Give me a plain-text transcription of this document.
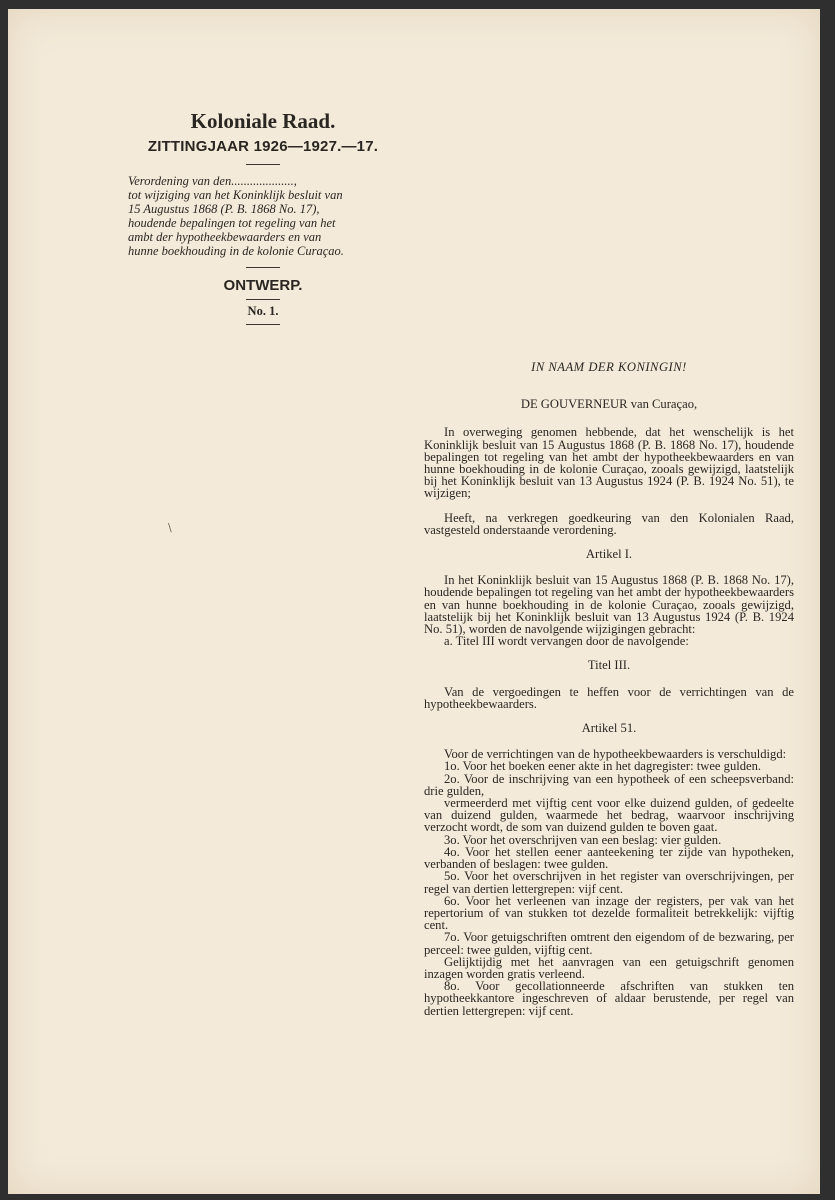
Koloniale Raad.
ZITTINGJAAR 1926—1927.—17.
Verordening van den....................,
tot wijziging van het Koninklijk besluit van
15 Augustus 1868 (P. B. 1868 No. 17),
houdende bepalingen tot regeling van het
ambt der hypotheekbewaarders en van
hunne boekhouding in de kolonie Curaçao.
ONTWERP.
No. 1.
\

IN NAAM DER KONINGIN!

DE GOUVERNEUR van Curaçao,

In overweging genomen hebbende, dat het wenschelijk is het Koninklijk besluit van 15 Augustus 1868 (P. B. 1868 No. 17), houdende bepalingen tot regeling van het ambt der hypotheekbewaarders en van hunne boekhouding in de kolonie Curaçao, zooals gewijzigd, laatstelijk bij het Koninklijk besluit van 13 Augustus 1924 (P. B. 1924 No. 51), te wijzigen;

Heeft, na verkregen goedkeuring van den Kolonialen Raad, vastgesteld onderstaande verordening.

Artikel I.

In het Koninklijk besluit van 15 Augustus 1868 (P. B. 1868 No. 17), houdende bepalingen tot regeling van het ambt der hypotheekbewaarders en van hunne boekhouding in de kolonie Curaçao, zooals gewijzigd, laatstelijk bij het Koninklijk besluit van 13 Augustus 1924 (P. B. 1924 No. 51), worden de navolgende wijzigingen gebracht:

a. Titel III wordt vervangen door de navolgende:

Titel III.

Van de vergoedingen te heffen voor de verrichtingen van de hypotheekbewaarders.

Artikel 51.

Voor de verrichtingen van de hypotheekbewaarders is verschuldigd:

1o. Voor het boeken eener akte in het dagregister: twee gulden.

2o. Voor de inschrijving van een hypotheek of een scheepsverband: drie gulden,

vermeerderd met vijftig cent voor elke duizend gulden, of gedeelte van duizend gulden, waarmede het bedrag, waarvoor inschrijving verzocht wordt, de som van duizend gulden te boven gaat.

3o. Voor het overschrijven van een beslag: vier gulden.

4o. Voor het stellen eener aanteekening ter zijde van hypotheken, verbanden of beslagen: twee gulden.

5o. Voor het overschrijven in het register van overschrijvingen, per regel van dertien lettergrepen: vijf cent.

6o. Voor het verleenen van inzage der registers, per vak van het repertorium of van stukken tot dezelde formaliteit betrekkelijk: vijftig cent.

7o. Voor getuigschriften omtrent den eigendom of de bezwaring, per perceel: twee gulden, vijftig cent.

Gelijktijdig met het aanvragen van een getuigschrift genomen inzagen worden gratis verleend.

8o. Voor gecollationneerde afschriften van stukken ten hypotheekkantore ingeschreven of aldaar berustende, per regel van dertien lettergrepen: vijf cent.
